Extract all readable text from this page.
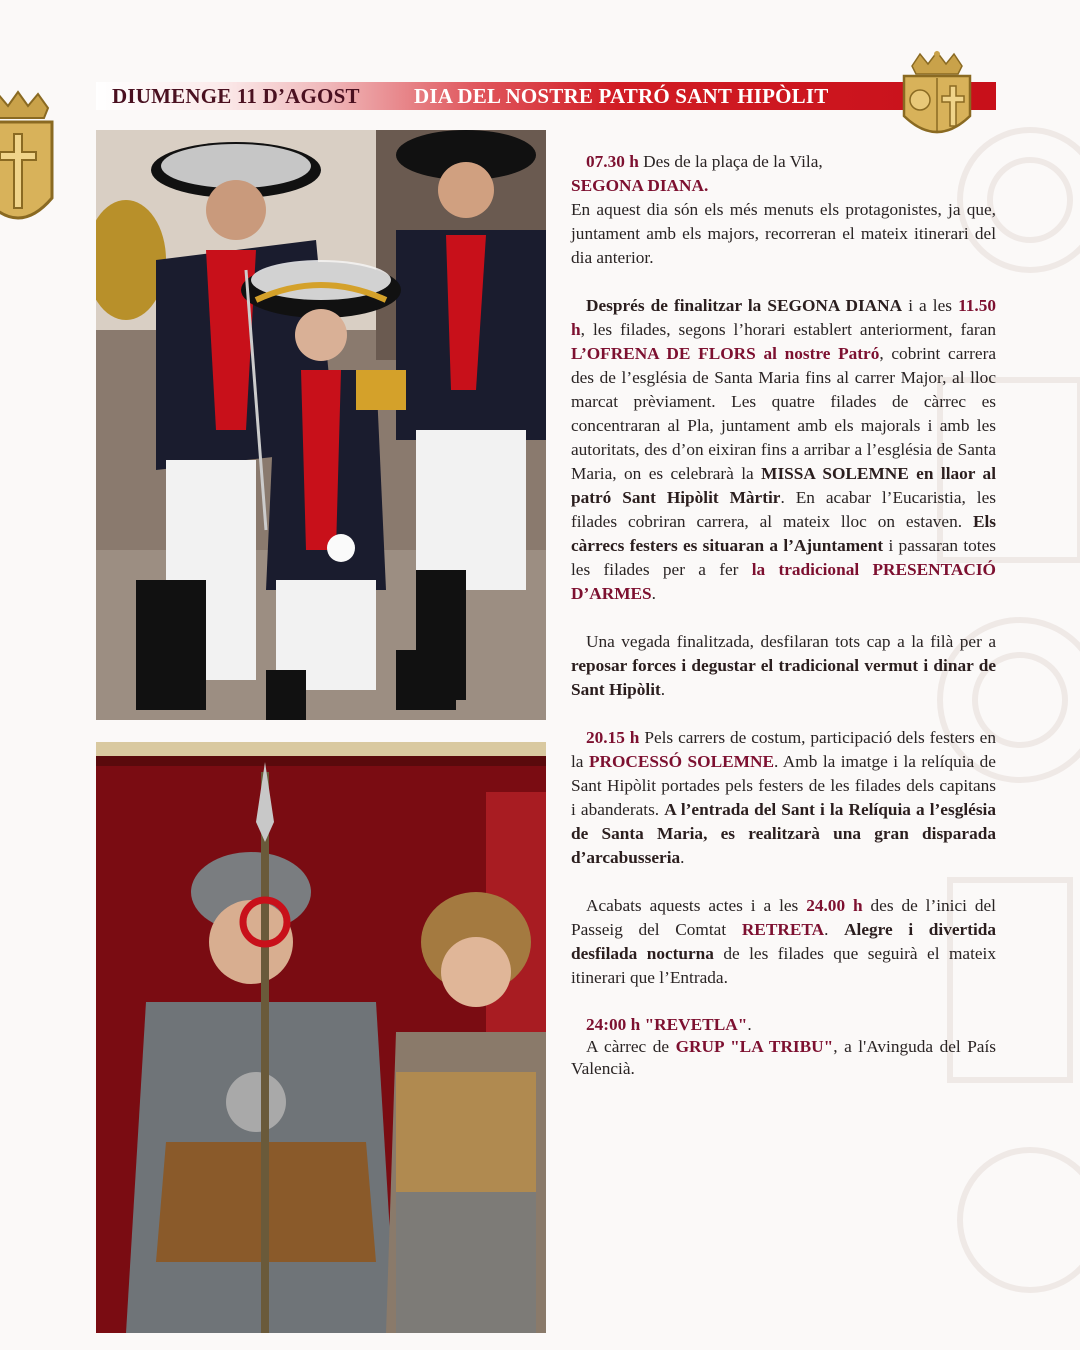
DIUMENGE 11 D’AGOST	DIA DEL NOSTRE PATRÓ SANT HIPÒLIT

07.30 h Des de la plaça de la Vila,
SEGONA DIANA.
En aquest dia són els més menuts els protagonistes, ja que, juntament amb els majors, recorreran el mateix itinerari del dia anterior.

Després de finalitzar la SEGONA DIANA i a les 11.50 h, les filades, segons l’horari establert anteriorment, faran L’OFRENA DE FLORS al nostre Patró, cobrint carrera des de l’església de Santa Maria fins al carrer Major, al lloc marcat prèviament. Les quatre filades de càrrec es concentraran al Pla, juntament amb els majorals i amb les autoritats, des d’on eixiran fins a arribar a l’església de Santa Maria, on es celebrarà la MISSA SOLEMNE en llaor al patró Sant Hipòlit Màrtir. En acabar l’Eucaristia, les filades cobriran carrera, al mateix lloc on estaven. Els càrrecs festers es situaran a l’Ajuntament i passaran totes les filades per a fer la tradicional PRESENTACIÓ D’ARMES.

Una vegada finalitzada, desfilaran tots cap a la filà per a reposar forces i degustar el tradicional vermut i dinar de Sant Hipòlit.

20.15 h Pels carrers de costum, participació dels festers en la PROCESSÓ SOLEMNE. Amb la imatge i la relíquia de Sant Hipòlit portades pels festers de les filades dels capitans i abanderats. A l’entrada del Sant i la Relíquia a l’església de Santa Maria, es realitzarà una gran disparada d’arcabusseria.

Acabats aquests actes i a les 24.00 h des de l’inici del Passeig del Comtat RETRETA. Alegre i divertida desfilada nocturna de les filades que seguirà el mateix itinerari que l’Entrada.

24:00 h "REVETLA".
A càrrec de GRUP "LA TRIBU", a l'Avinguda del País Valencià.
